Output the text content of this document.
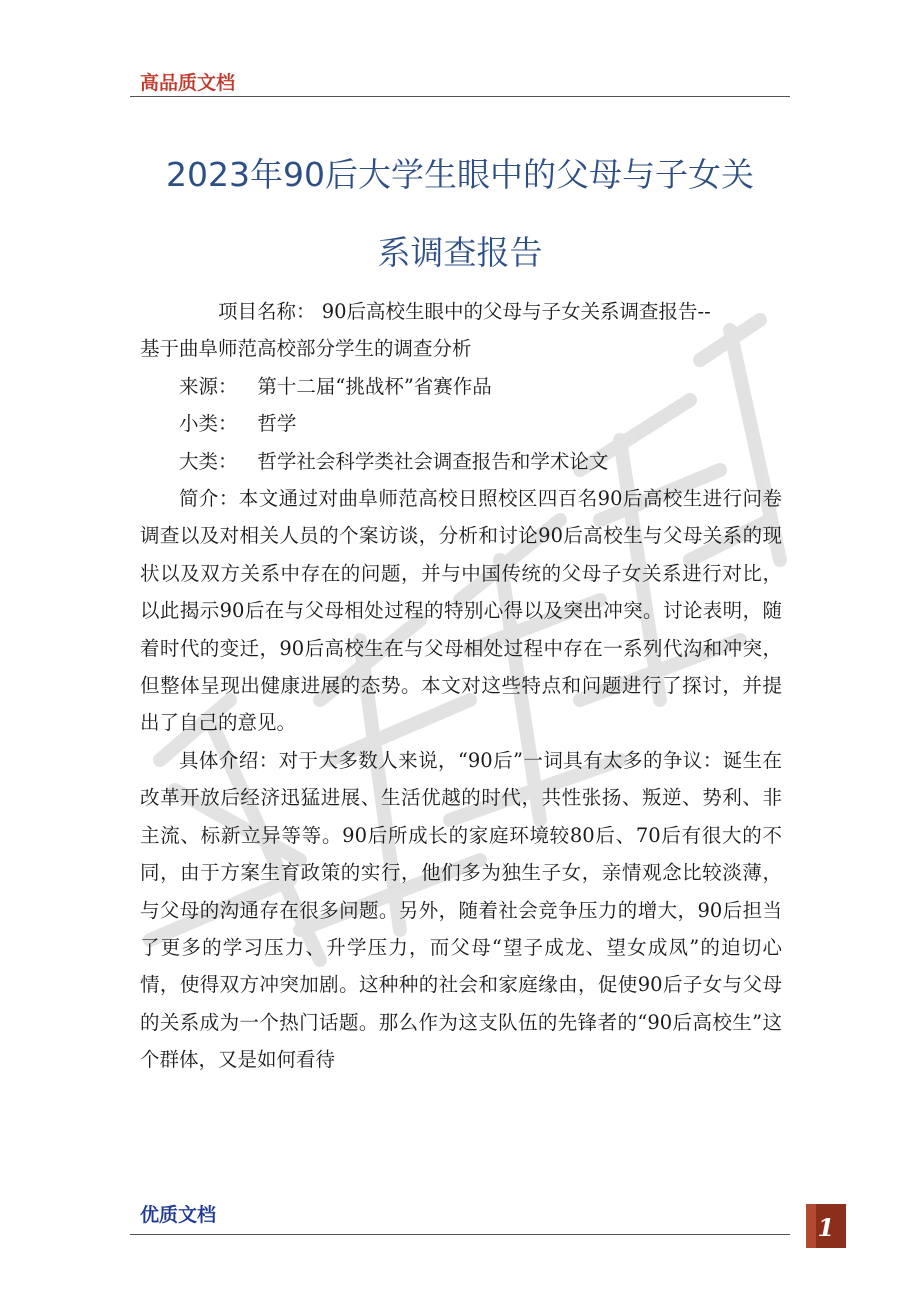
高品质文档
2023年90后大学生眼中的父母与子女关
系调查报告

项目名称： 90后高校生眼中的父母与子女关系调查报告--

基于曲阜师范高校部分学生的调查分析

来源： 第十二届“挑战杯”省赛作品

小类： 哲学

大类： 哲学社会科学类社会调查报告和学术论文

简介：本文通过对曲阜师范高校日照校区四百名90后高校生进行问卷调查以及对相关人员的个案访谈，分析和讨论90后高校生与父母关系的现状以及双方关系中存在的问题，并与中国传统的父母子女关系进行对比，以此揭示90后在与父母相处过程的特别心得以及突出冲突。讨论表明，随着时代的变迁，90后高校生在与父母相处过程中存在一系列代沟和冲突，但整体呈现出健康进展的态势。本文对这些特点和问题进行了探讨，并提出了自己的意见。

具体介绍：对于大多数人来说，“90后”一词具有太多的争议：诞生在改革开放后经济迅猛进展、生活优越的时代，共性张扬、叛逆、势利、非主流、标新立异等等。90后所成长的家庭环境较80后、70后有很大的不同，由于方案生育政策的实行，他们多为独生子女，亲情观念比较淡薄，与父母的沟通存在很多问题。另外，随着社会竞争压力的增大，90后担当了更多的学习压力、升学压力，而父母“望子成龙、望女成凤”的迫切心情，使得双方冲突加剧。这种种的社会和家庭缘由，促使90后子女与父母的关系成为一个热门话题。那么作为这支队伍的先锋者的“90后高校生”这个群体，又是如何看待

优质文档	1
